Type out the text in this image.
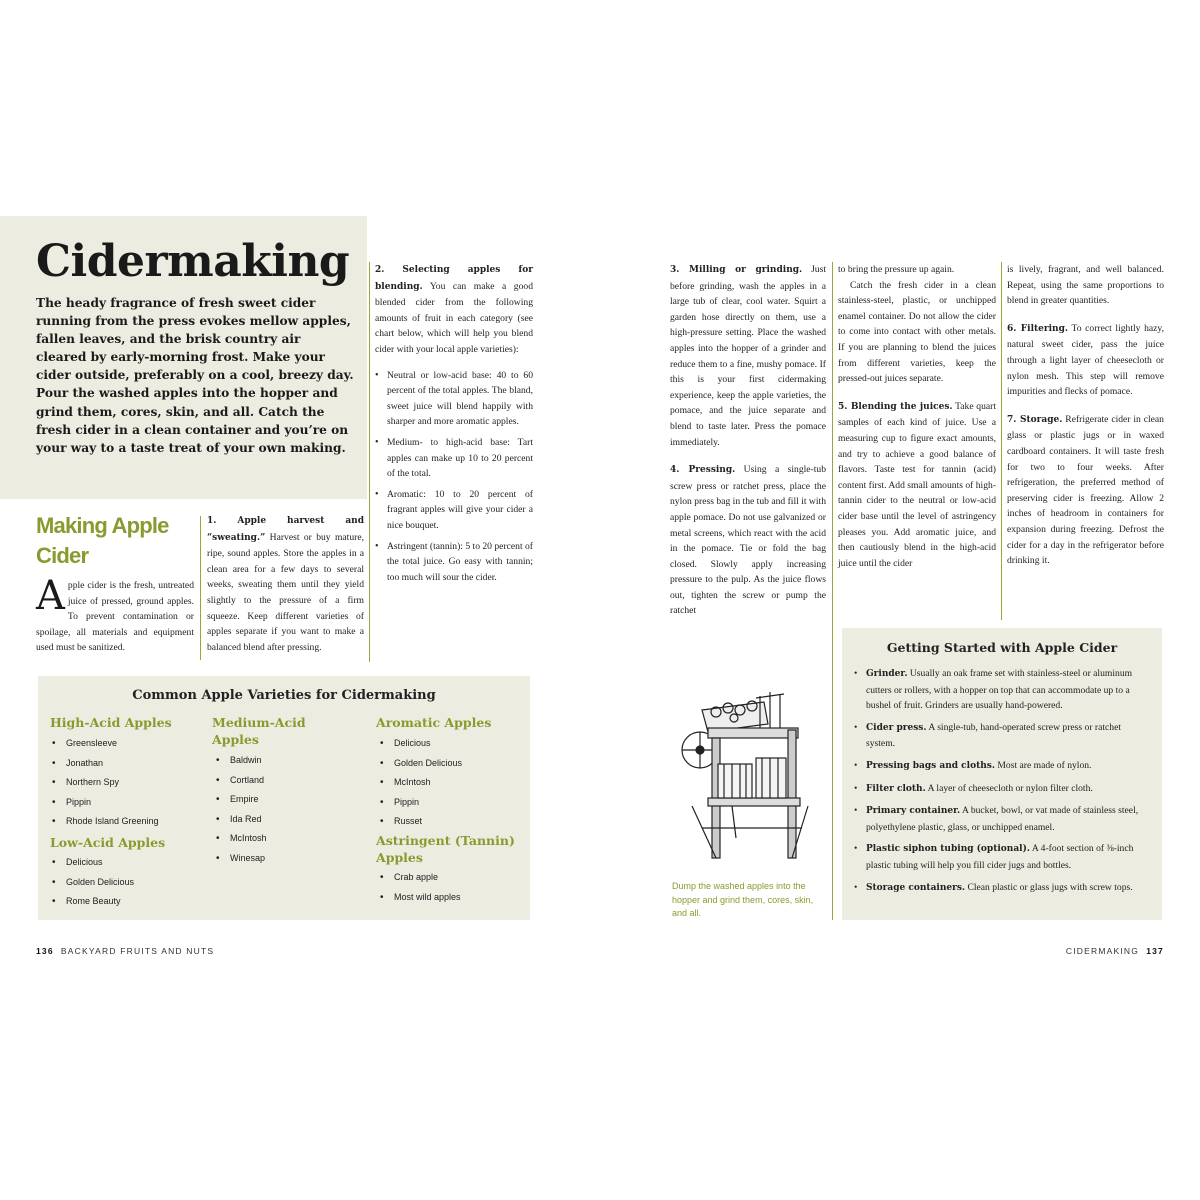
Cidermaking
The heady fragrance of fresh sweet cider running from the press evokes mellow apples, fallen leaves, and the brisk country air cleared by early-morning frost. Make your cider outside, preferably on a cool, breezy day. Pour the washed apples into the hopper and grind them, cores, skin, and all. Catch the fresh cider in a clean container and you’re on your way to a taste treat of your own making.
Making Apple Cider
Apple cider is the fresh, untreated juice of pressed, ground apples. To prevent contamination or spoilage, all materials and equipment used must be sanitized.
1. Apple harvest and “sweating.” Harvest or buy mature, ripe, sound apples. Store the apples in a clean area for a few days to several weeks, sweating them until they yield slightly to the pressure of a firm squeeze. Keep different varieties of apples separate if you want to make a balanced blend after pressing.
2. Selecting apples for blending. You can make a good blended cider from the following amounts of fruit in each category (see chart below, which will help you blend cider with your local apple varieties):
• Neutral or low-acid base: 40 to 60 percent of the total apples. The bland, sweet juice will blend happily with sharper and more aromatic apples.
• Medium- to high-acid base: Tart apples can make up 10 to 20 percent of the total.
• Aromatic: 10 to 20 percent of fragrant apples will give your cider a nice bouquet.
• Astringent (tannin): 5 to 20 percent of the total juice. Go easy with tannin; too much will sour the cider.
Common Apple Varieties for Cidermaking
High-Acid Apples
• Greensleeve
• Jonathan
• Northern Spy
• Pippin
• Rhode Island Greening
Low-Acid Apples
• Delicious
• Golden Delicious
• Rome Beauty
Medium-Acid Apples
• Baldwin
• Cortland
• Empire
• Ida Red
• McIntosh
• Winesap
Aromatic Apples
• Delicious
• Golden Delicious
• McIntosh
• Pippin
• Russet
Astringent (Tannin) Apples
• Crab apple
• Most wild apples
136 BACKYARD FRUITS AND NUTS
3. Milling or grinding. Just before grinding, wash the apples in a large tub of clear, cool water. Squirt a garden hose directly on them, use a high-pressure setting. Place the washed apples into the hopper of a grinder and reduce them to a fine, mushy pomace. If this is your first cidermaking experience, keep the apple varieties, the pomace, and the juice separate and blend to taste later. Press the pomace immediately.
4. Pressing. Using a single-tub screw press or ratchet press, place the nylon press bag in the tub and fill it with apple pomace. Do not use galvanized or metal screens, which react with the acid in the pomace. Tie or fold the bag closed. Slowly apply increasing pressure to the pulp. As the juice flows out, tighten the screw or pump the ratchet
to bring the pressure up again.
Catch the fresh cider in a clean stainless-steel, plastic, or unchipped enamel container. Do not allow the cider to come into contact with other metals. If you are planning to blend the juices from different varieties, keep the pressed-out juices separate.
5. Blending the juices. Take quart samples of each kind of juice. Use a measuring cup to figure exact amounts, and try to achieve a good balance of flavors. Taste test for tannin (acid) content first. Add small amounts of high-tannin cider to the neutral or low-acid cider base until the level of astringency pleases you. Add aromatic juice, and then cautiously blend in the high-acid juice until the cider
is lively, fragrant, and well balanced. Repeat, using the same proportions to blend in greater quantities.
6. Filtering. To correct lightly hazy, natural sweet cider, pass the juice through a light layer of cheesecloth or nylon mesh. This step will remove impurities and flecks of pomace.
7. Storage. Refrigerate cider in clean glass or plastic jugs or in waxed cardboard containers. It will taste fresh for two to four weeks. After refrigeration, the preferred method of preserving cider is freezing. Allow 2 inches of headroom in containers for expansion during freezing. Defrost the cider for a day in the refrigerator before drinking it.
Dump the washed apples into the hopper and grind them, cores, skin, and all.
Getting Started with Apple Cider
• Grinder. Usually an oak frame set with stainless-steel or aluminum cutters or rollers, with a hopper on top that can accommodate up to a bushel of fruit. Grinders are usually hand-powered.
• Cider press. A single-tub, hand-operated screw press or ratchet system.
• Pressing bags and cloths. Most are made of nylon.
• Filter cloth. A layer of cheesecloth or nylon filter cloth.
• Primary container. A bucket, bowl, or vat made of stainless steel, polyethylene plastic, glass, or unchipped enamel.
• Plastic siphon tubing (optional). A 4-foot section of ⅜-inch plastic tubing will help you fill cider jugs and bottles.
• Storage containers. Clean plastic or glass jugs with screw tops.
CIDERMAKING 137
